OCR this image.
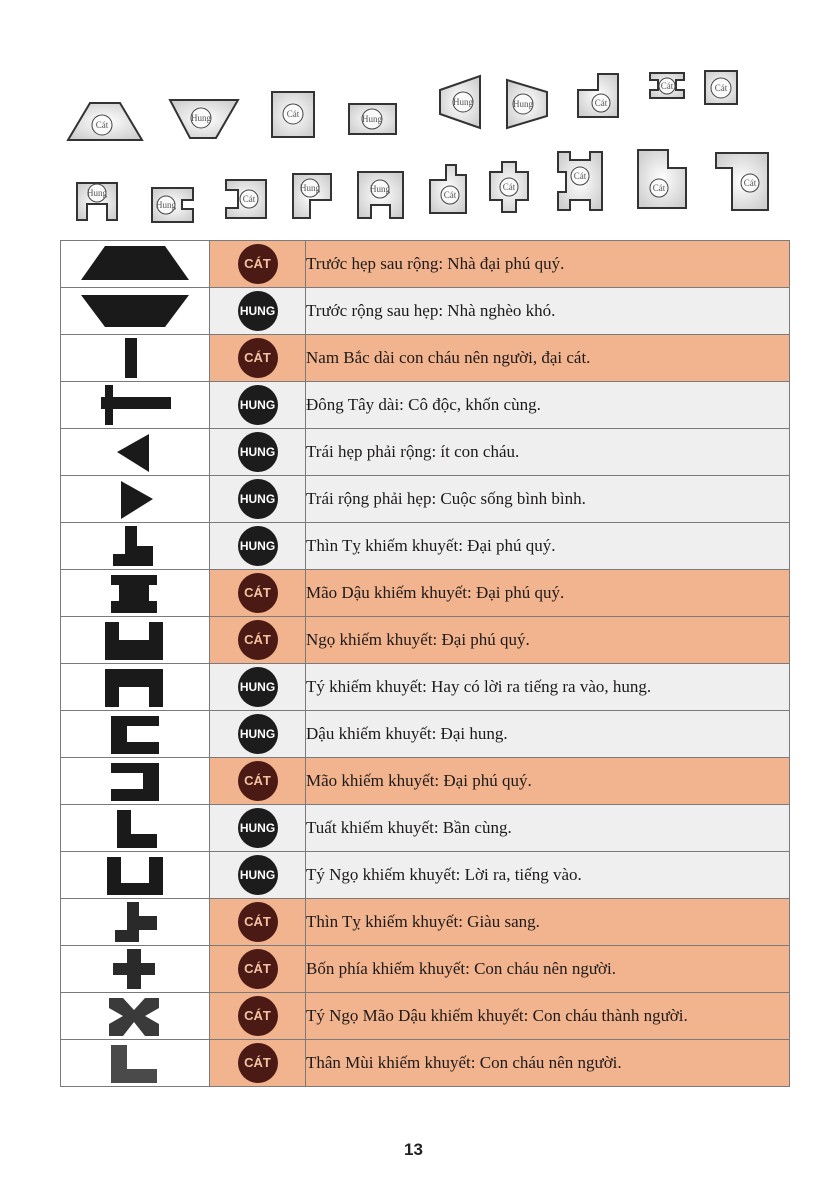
Cát
Hung	Cát	Hung
Hung	Hung	Cát
Cát	Cát
Hung
Hung
Cát
Hung	Hung
Cát
Cát
Cát
Cát	Cát
	CÁT	Trước hẹp sau rộng: Nhà đại phú quý.

	HUNG	Trước rộng sau hẹp: Nhà nghèo khó.

	CÁT	Nam Bắc dài con cháu nên người, đại cát.

	HUNG	Đông Tây dài: Cô độc, khốn cùng.

	HUNG	Trái hẹp phải rộng: ít con cháu.

	HUNG	Trái rộng phải hẹp: Cuộc sống bình bình.

	HUNG	Thìn Tỵ khiếm khuyết: Đại phú quý.

	CÁT	Mão Dậu khiếm khuyết: Đại phú quý.

	CÁT	Ngọ khiếm khuyết: Đại phú quý.

	HUNG	Tý khiếm khuyết: Hay có lời ra tiếng ra vào, hung.

	HUNG	Dậu khiếm khuyết: Đại hung.

	CÁT	Mão khiếm khuyết: Đại phú quý.

	HUNG	Tuất khiếm khuyết: Bần cùng.

	HUNG	Tý Ngọ khiếm khuyết: Lời ra, tiếng vào.

	CÁT	Thìn Tỵ khiếm khuyết: Giàu sang.

	CÁT	Bốn phía khiếm khuyết: Con cháu nên người.

	CÁT	Tý Ngọ Mão Dậu khiếm khuyết: Con cháu thành người.

	CÁT	Thân Mùi khiếm khuyết: Con cháu nên người.
13
